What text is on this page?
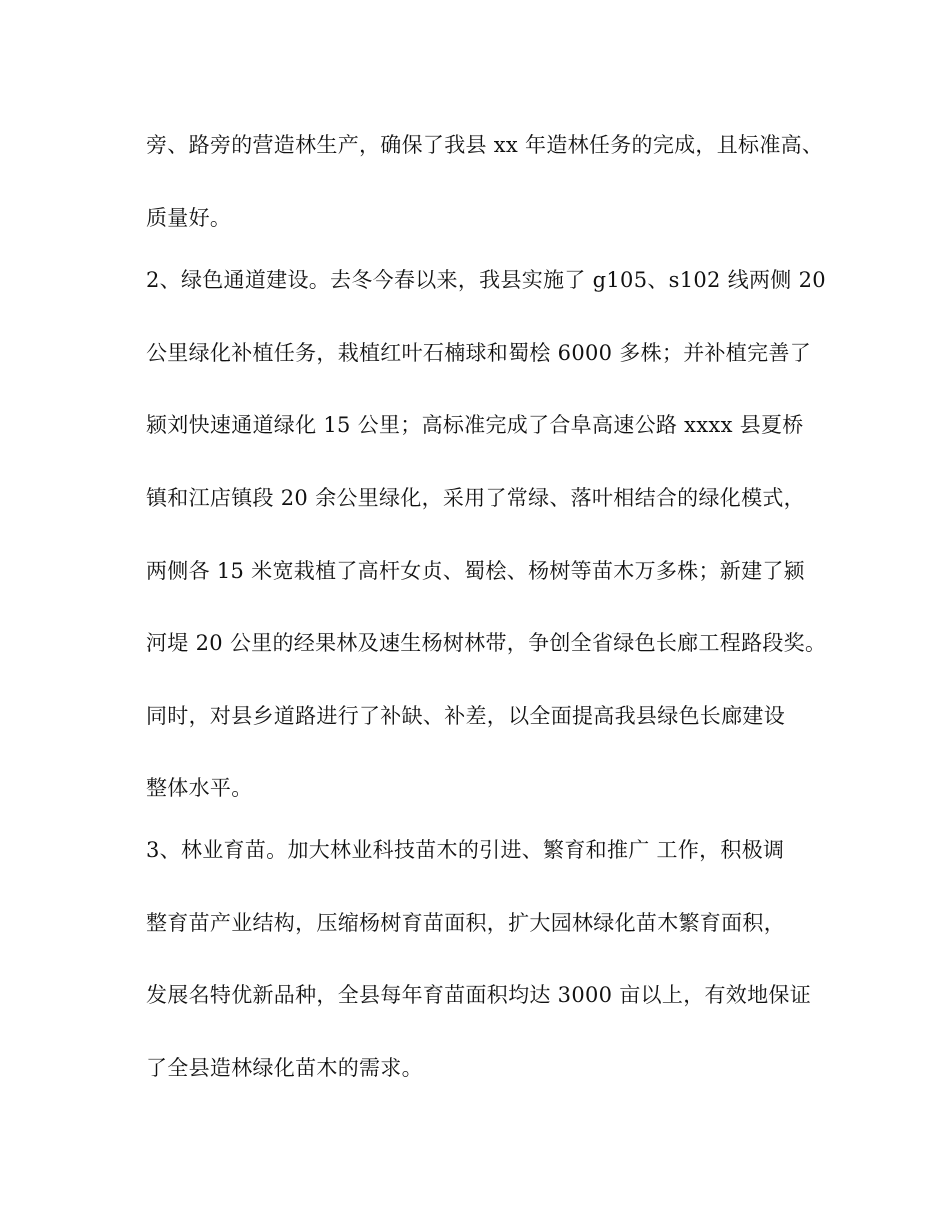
旁、路旁的营造林生产，确保了我县 xx 年造林任务的完成，且标准高、
质量好。
2、绿色通道建设。去冬今春以来，我县实施了 g105、s102 线两侧 20
公里绿化补植任务，栽植红叶石楠球和蜀桧 6000 多株；并补植完善了
颍刘快速通道绿化 15 公里；高标准完成了合阜高速公路 xxxx 县夏桥
镇和江店镇段 20 余公里绿化，采用了常绿、落叶相结合的绿化模式，
两侧各 15 米宽栽植了高杆女贞、蜀桧、杨树等苗木万多株；新建了颍
河堤 20 公里的经果林及速生杨树林带，争创全省绿色长廊工程路段奖。
同时，对县乡道路进行了补缺、补差，以全面提高我县绿色长廊建设
整体水平。
3、林业育苗。加大林业科技苗木的引进、繁育和推广 工作，积极调
整育苗产业结构，压缩杨树育苗面积，扩大园林绿化苗木繁育面积，
发展名特优新品种，全县每年育苗面积均达 3000 亩以上，有效地保证
了全县造林绿化苗木的需求。
